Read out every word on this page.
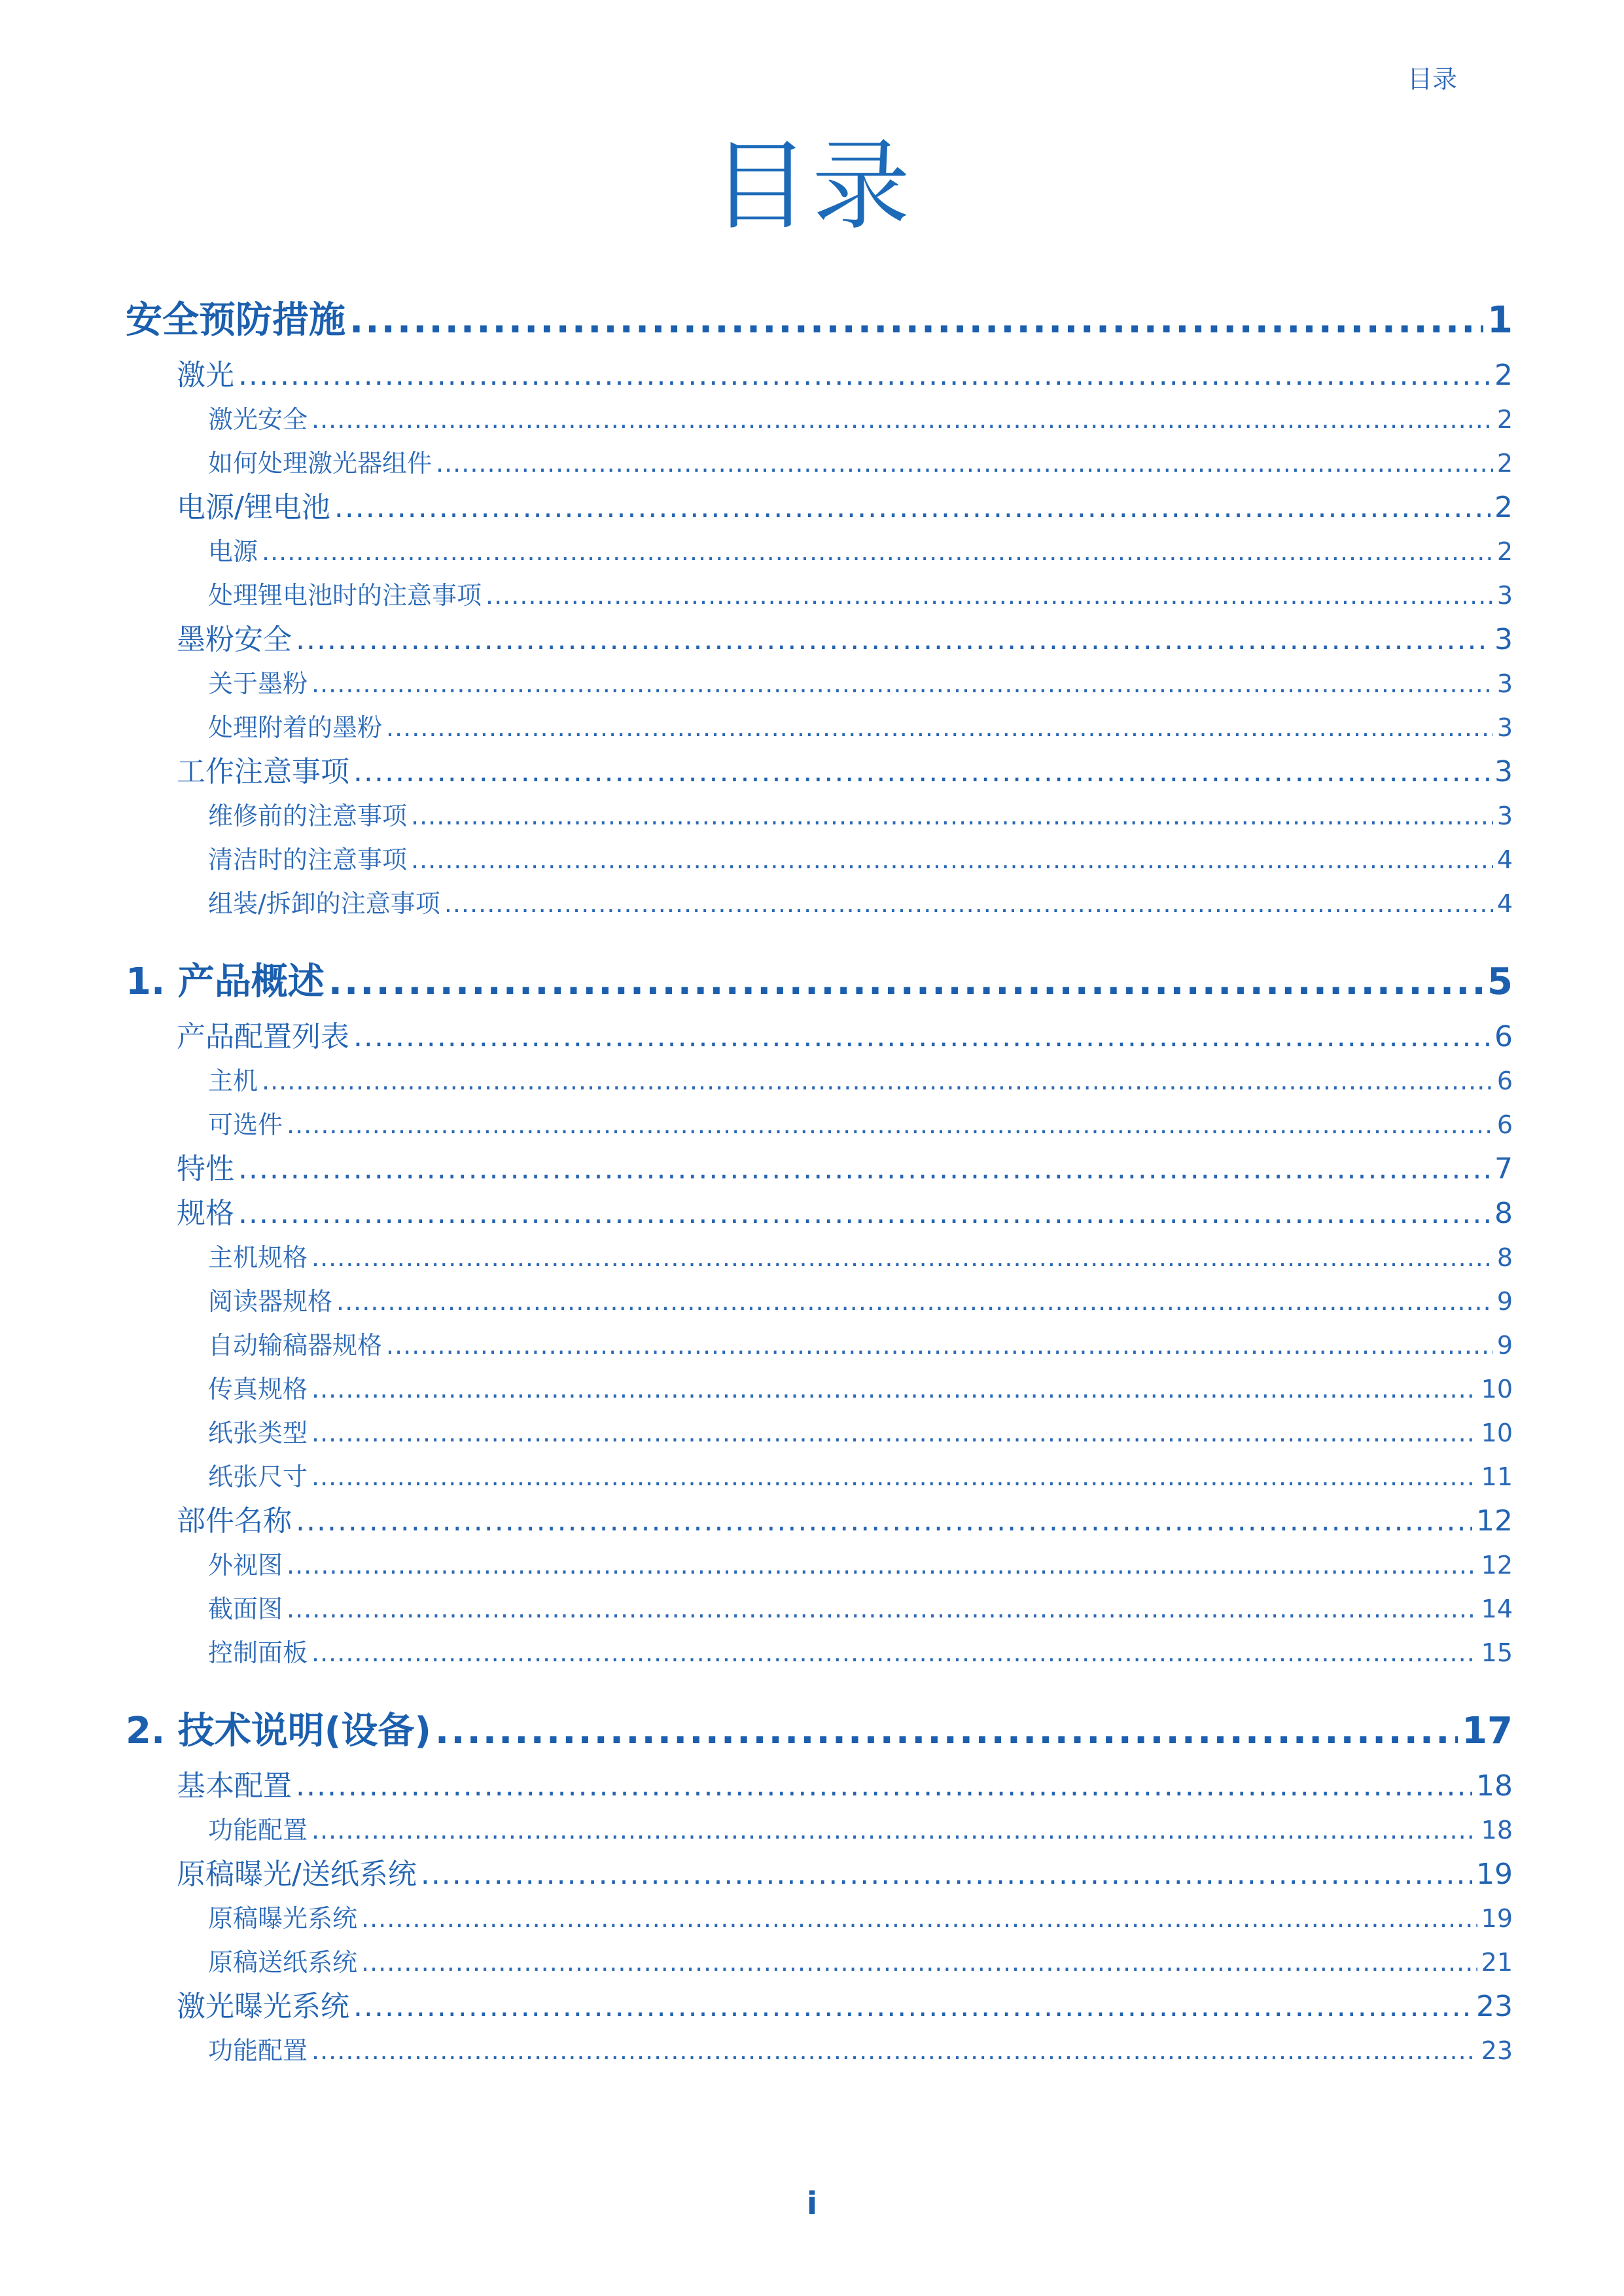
目录
目录
安全预防措施 .....	1
激光 .....	2
激光安全 .....	2
如何处理激光器组件 .....	2
电源/锂电池 .....	2
电源 .....	2
处理锂电池时的注意事项 .....	3
墨粉安全 .....	3
关于墨粉 .....	3
处理附着的墨粉 .....	3
工作注意事项 .....	3
维修前的注意事项 .....	3
清洁时的注意事项 .....	4
组装/拆卸的注意事项 .....	4
1. 产品概述 .....	5
产品配置列表 .....	6
主机 .....	6
可选件 .....	6
特性 .....	7
规格 .....	8
主机规格 .....	8
阅读器规格 .....	9
自动输稿器规格 .....	9
传真规格 .....	10
纸张类型 .....	10
纸张尺寸 .....	11
部件名称 .....	12
外视图 .....	12
截面图 .....	14
控制面板 .....	15
2. 技术说明(设备) .....	17
基本配置 .....	18
功能配置 .....	18
原稿曝光/送纸系统 .....	19
原稿曝光系统 .....	19
原稿送纸系统 .....	21
激光曝光系统 .....	23
功能配置 .....	23
i
